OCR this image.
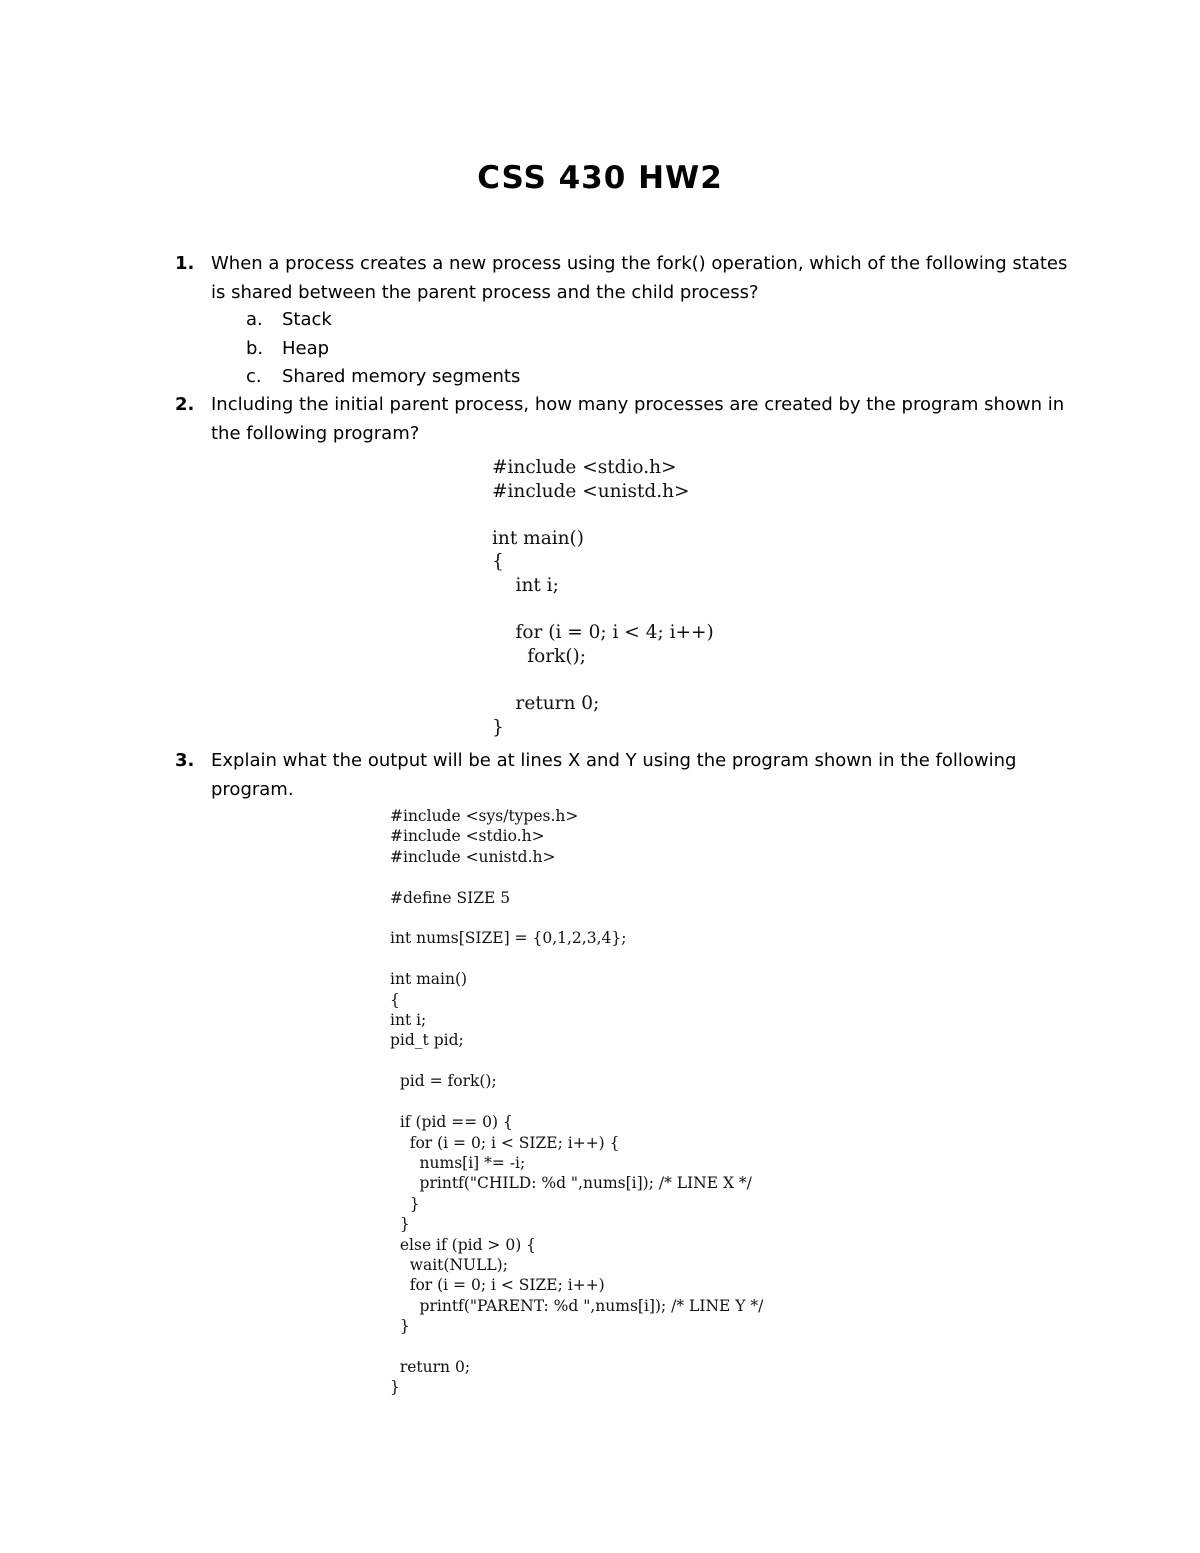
CSS 430 HW2
1. When a process creates a new process using the fork() operation, which of the following states is shared between the parent process and the child process?
a. Stack
b. Heap
c. Shared memory segments
2. Including the initial parent process, how many processes are created by the program shown in the following program?
#include <stdio.h>
#include <unistd.h>

int main()
{
int i;

for (i = 0; i < 4; i++)
fork();

return 0;
}
3. Explain what the output will be at lines X and Y using the program shown in the following program.
#include <sys/types.h>
#include <stdio.h>
#include <unistd.h>

#define SIZE 5

int nums[SIZE] = {0,1,2,3,4};

int main()
{
int i;
pid_t pid;

pid = fork();

if (pid == 0) {
for (i = 0; i < SIZE; i++) {
nums[i] *= -i;
printf("CHILD: %d ",nums[i]); /* LINE X */
}
}
else if (pid > 0) {
wait(NULL);
for (i = 0; i < SIZE; i++)
printf("PARENT: %d ",nums[i]); /* LINE Y */
}

return 0;
}
